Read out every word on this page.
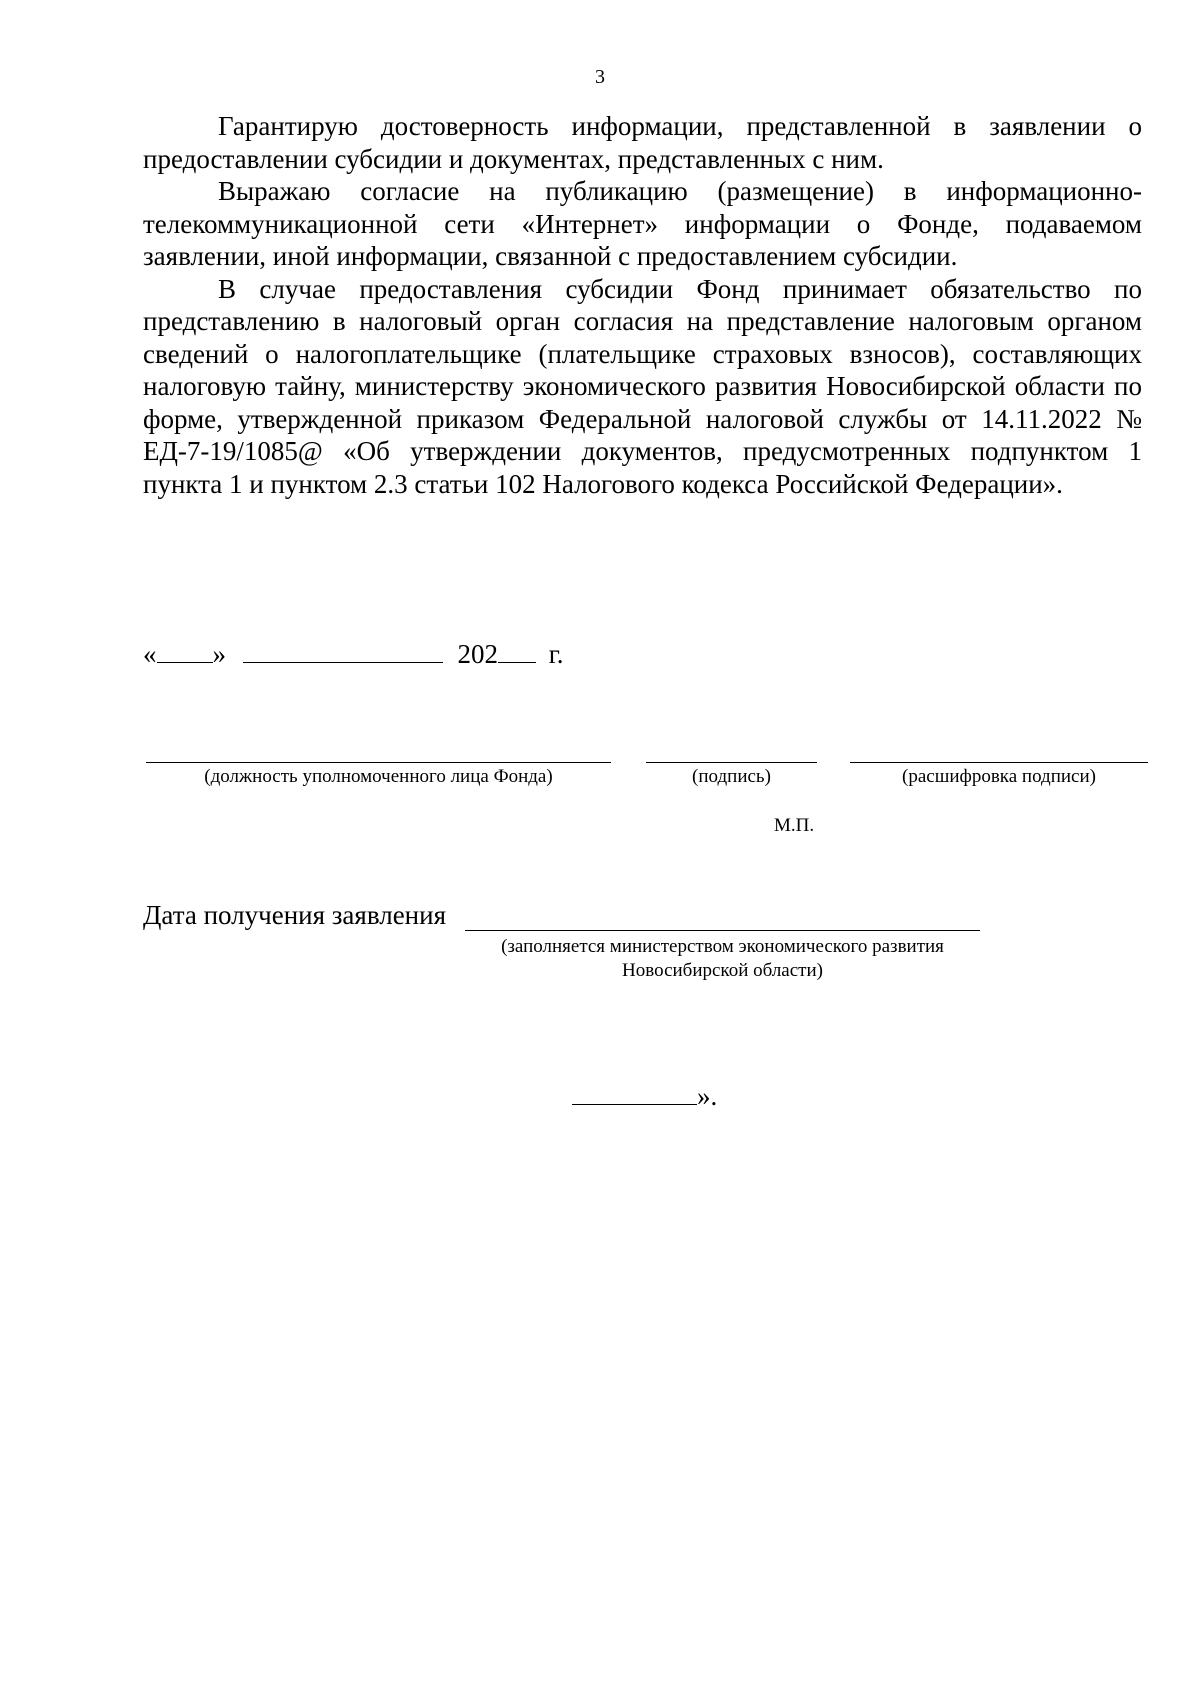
3

Гарантирую достоверность информации, представленной в заявлении о предоставлении субсидии и документах, представленных с ним.

Выражаю согласие на публикацию (размещение) в информационно-телекоммуникационной сети «Интернет» информации о Фонде, подаваемом заявлении, иной информации, связанной с предоставлением субсидии.

В случае предоставления субсидии Фонд принимает обязательство по представлению в налоговый орган согласия на представление налоговым органом сведений о налогоплательщике (плательщике страховых взносов), составляющих налоговую тайну, министерству экономического развития Новосибирской области по форме, утвержденной приказом Федеральной налоговой службы от 14.11.2022 № ЕД-7-19/1085@ «Об утверждении документов, предусмотренных подпунктом 1 пункта 1 и пунктом 2.3 статьи 102 Налогового кодекса Российской Федерации».

« »	202 г.
(должность уполномоченного лица Фонда)	(подпись)	(расшифровка подписи)
М.П.
Дата получения заявления
(заполняется министерством экономического развития
Новосибирской области)
».
